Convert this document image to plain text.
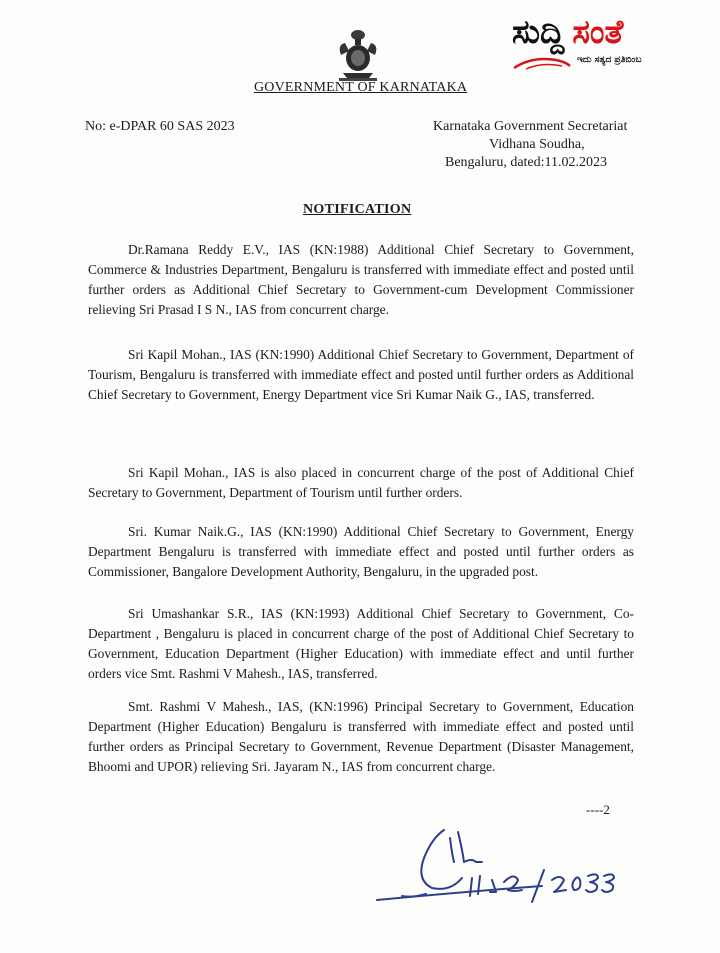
ಸುದ್ದಿ ಸಂತೆ
ಇದು ಸತ್ಯದ ಪ್ರತಿಬಿಂಬ
GOVERNMENT OF KARNATAKA
No: e-DPAR 60 SAS 2023	Karnataka Government Secretariat
Vidhana Soudha,
Bengaluru, dated:11.02.2023
NOTIFICATION

Dr.Ramana Reddy E.V., IAS (KN:1988) Additional Chief Secretary to Government, Commerce & Industries Department, Bengaluru is transferred with immediate effect and posted until further orders as Additional Chief Secretary to Government-cum Development Commissioner relieving Sri Prasad I S N., IAS from concurrent charge.

Sri Kapil Mohan., IAS (KN:1990) Additional Chief Secretary to Government, Department of Tourism, Bengaluru is transferred with immediate effect and posted until further orders as Additional Chief Secretary to Government, Energy Department vice Sri Kumar Naik G., IAS, transferred.

Sri Kapil Mohan., IAS is also placed in concurrent charge of the post of Additional Chief Secretary to Government, Department of Tourism until further orders.

Sri. Kumar Naik.G., IAS (KN:1990) Additional Chief Secretary to Government, Energy Department Bengaluru is transferred with immediate effect and posted until further orders as Commissioner, Bangalore Development Authority, Bengaluru, in the upgraded post.

Sri Umashankar S.R., IAS (KN:1993) Additional Chief Secretary to Government, Co-Department , Bengaluru is placed in concurrent charge of the post of Additional Chief Secretary to Government, Education Department (Higher Education) with immediate effect and until further orders vice Smt. Rashmi V Mahesh., IAS, transferred.

Smt. Rashmi V Mahesh., IAS, (KN:1996) Principal Secretary to Government, Education Department (Higher Education) Bengaluru is transferred with immediate effect and posted until further orders as Principal Secretary to Government, Revenue Department (Disaster Management, Bhoomi and UPOR) relieving Sri. Jayaram N., IAS from concurrent charge.

----2
